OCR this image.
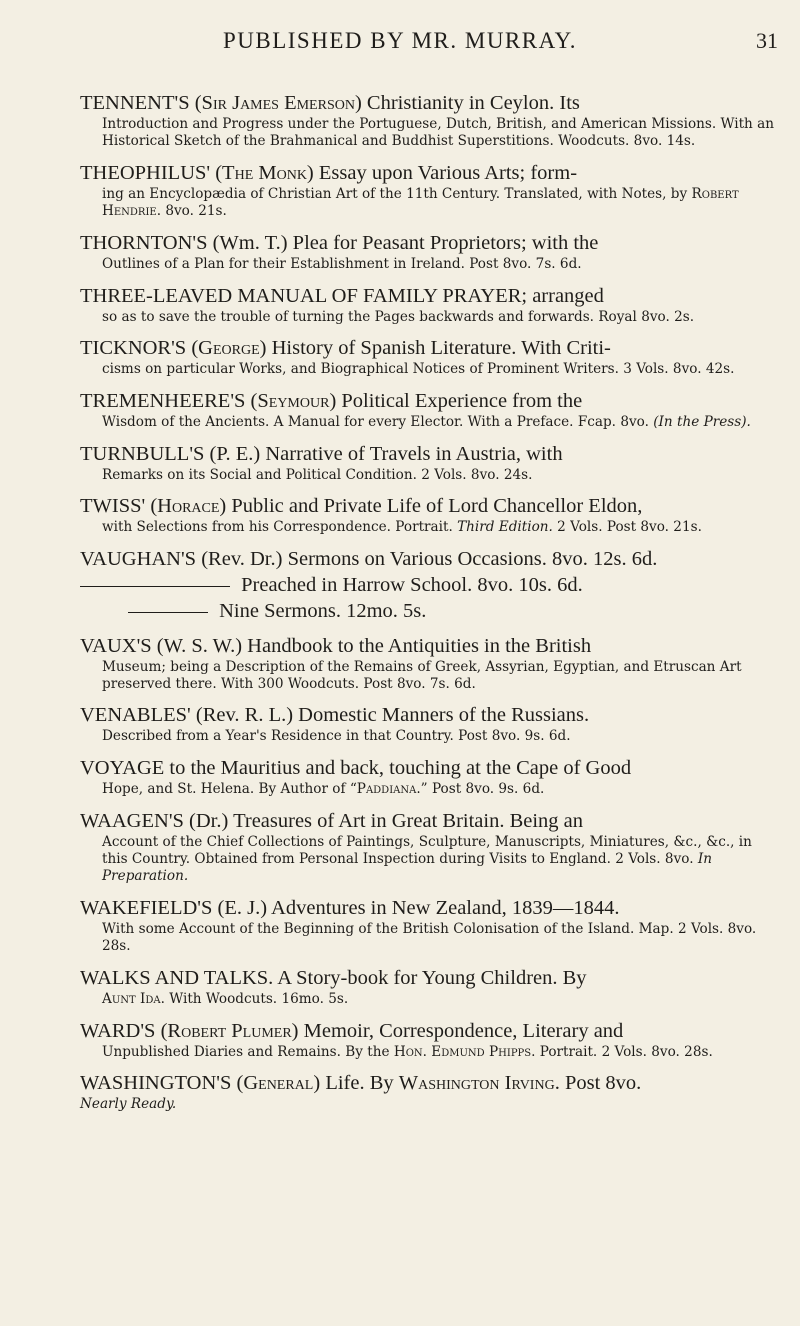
PUBLISHED BY MR. MURRAY.	31
TENNENT'S (Sir James Emerson) Christianity in Ceylon. Its
Introduction and Progress under the Portuguese, Dutch, British, and American Missions. With an Historical Sketch of the Brahmanical and Buddhist Superstitions. Woodcuts. 8vo. 14s.
THEOPHILUS' (The Monk) Essay upon Various Arts; form-
ing an Encyclopædia of Christian Art of the 11th Century. Translated, with Notes, by Robert Hendrie. 8vo. 21s.
THORNTON'S (Wm. T.) Plea for Peasant Proprietors; with the
Outlines of a Plan for their Establishment in Ireland. Post 8vo. 7s. 6d.
THREE-LEAVED MANUAL OF FAMILY PRAYER; arranged
so as to save the trouble of turning the Pages backwards and forwards. Royal 8vo. 2s.
TICKNOR'S (George) History of Spanish Literature. With Criti-
cisms on particular Works, and Biographical Notices of Prominent Writers. 3 Vols. 8vo. 42s.
TREMENHEERE'S (Seymour) Political Experience from the
Wisdom of the Ancients. A Manual for every Elector. With a Preface. Fcap. 8vo. (In the Press).
TURNBULL'S (P. E.) Narrative of Travels in Austria, with
Remarks on its Social and Political Condition. 2 Vols. 8vo. 24s.
TWISS' (Horace) Public and Private Life of Lord Chancellor Eldon,
with Selections from his Correspondence. Portrait. Third Edition. 2 Vols. Post 8vo. 21s.
VAUGHAN'S (Rev. Dr.) Sermons on Various Occasions. 8vo. 12s. 6d.
Preached in Harrow School. 8vo. 10s. 6d.
Nine Sermons. 12mo. 5s.
VAUX'S (W. S. W.) Handbook to the Antiquities in the British
Museum; being a Description of the Remains of Greek, Assyrian, Egyptian, and Etruscan Art preserved there. With 300 Woodcuts. Post 8vo. 7s. 6d.
VENABLES' (Rev. R. L.) Domestic Manners of the Russians.
Described from a Year's Residence in that Country. Post 8vo. 9s. 6d.
VOYAGE to the Mauritius and back, touching at the Cape of Good
Hope, and St. Helena. By Author of “Paddiana.” Post 8vo. 9s. 6d.
WAAGEN'S (Dr.) Treasures of Art in Great Britain. Being an
Account of the Chief Collections of Paintings, Sculpture, Manuscripts, Miniatures, &c., &c., in this Country. Obtained from Personal Inspection during Visits to England. 2 Vols. 8vo. In Preparation.
WAKEFIELD'S (E. J.) Adventures in New Zealand, 1839—1844.
With some Account of the Beginning of the British Colonisation of the Island. Map. 2 Vols. 8vo. 28s.
WALKS AND TALKS. A Story-book for Young Children. By
Aunt Ida. With Woodcuts. 16mo. 5s.
WARD'S (Robert Plumer) Memoir, Correspondence, Literary and
Unpublished Diaries and Remains. By the Hon. Edmund Phipps. Portrait. 2 Vols. 8vo. 28s.
WASHINGTON'S (General) Life. By Washington Irving. Post 8vo.
Nearly Ready.
